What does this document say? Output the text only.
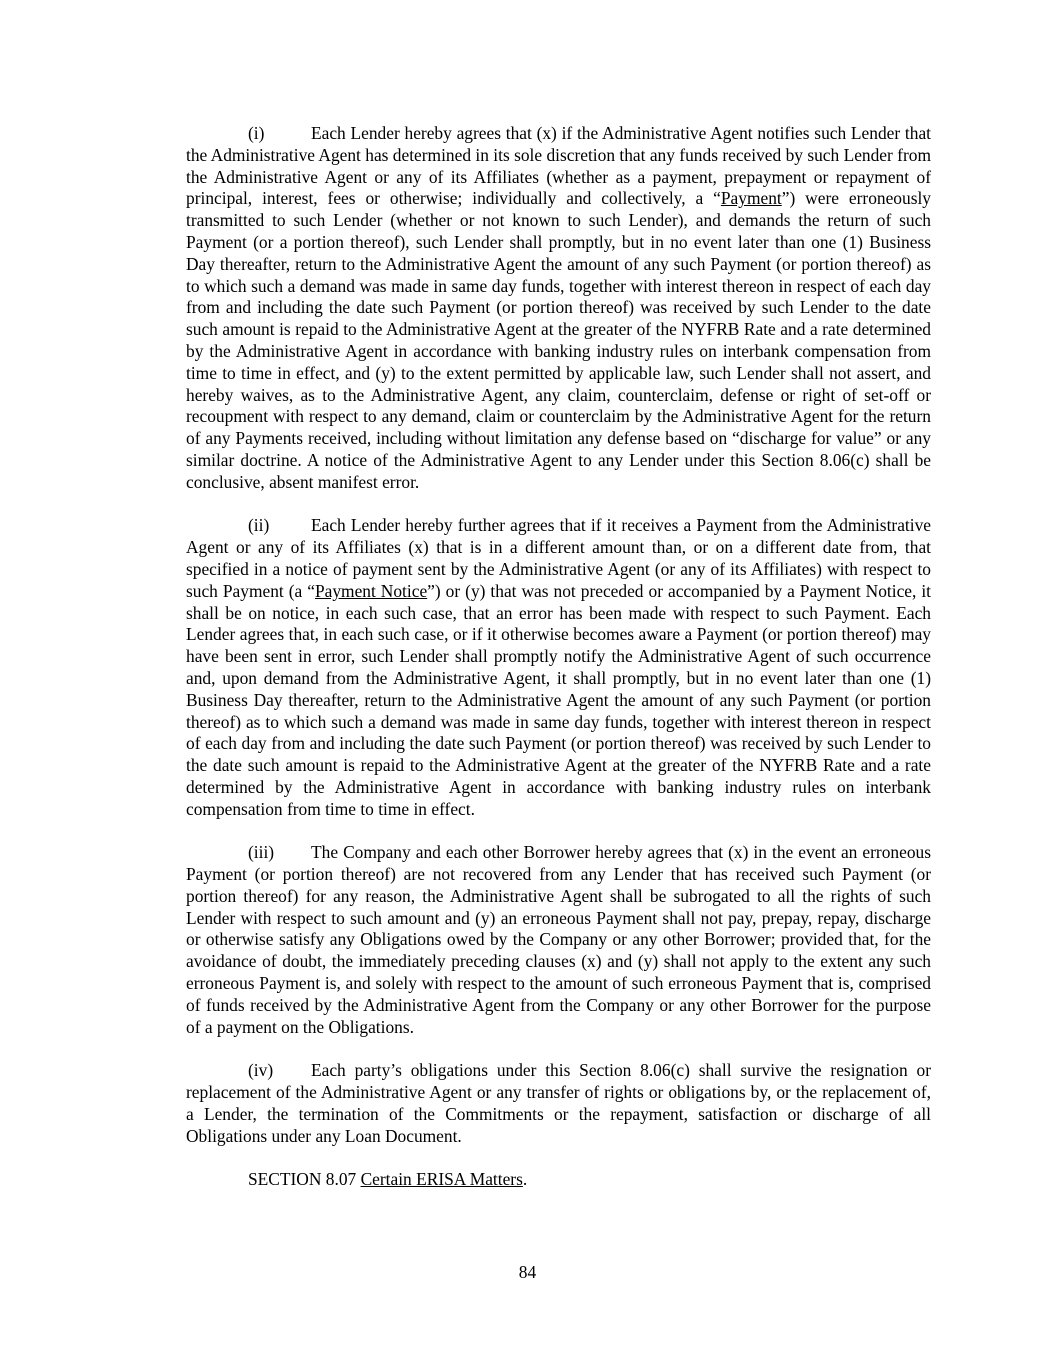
(i)	Each Lender hereby agrees that (x) if the Administrative Agent notifies such Lender that the Administrative Agent has determined in its sole discretion that any funds received by such Lender from the Administrative Agent or any of its Affiliates (whether as a payment, prepayment or repayment of principal, interest, fees or otherwise; individually and collectively, a “Payment”) were erroneously transmitted to such Lender (whether or not known to such Lender), and demands the return of such Payment (or a portion thereof), such Lender shall promptly, but in no event later than one (1) Business Day thereafter, return to the Administrative Agent the amount of any such Payment (or portion thereof) as to which such a demand was made in same day funds, together with interest thereon in respect of each day from and including the date such Payment (or portion thereof) was received by such Lender to the date such amount is repaid to the Administrative Agent at the greater of the NYFRB Rate and a rate determined by the Administrative Agent in accordance with banking industry rules on interbank compensation from time to time in effect, and (y) to the extent permitted by applicable law, such Lender shall not assert, and hereby waives, as to the Administrative Agent, any claim, counterclaim, defense or right of set-off or recoupment with respect to any demand, claim or counterclaim by the Administrative Agent for the return of any Payments received, including without limitation any defense based on “discharge for value” or any similar doctrine. A notice of the Administrative Agent to any Lender under this Section 8.06(c) shall be conclusive, absent manifest error.

(ii) Each Lender hereby further agrees that if it receives a Payment from the Administrative Agent or any of its Affiliates (x) that is in a different amount than, or on a different date from, that specified in a notice of payment sent by the Administrative Agent (or any of its Affiliates) with respect to such Payment (a “Payment Notice”) or (y) that was not preceded or accompanied by a Payment Notice, it shall be on notice, in each such case, that an error has been made with respect to such Payment. Each Lender agrees that, in each such case, or if it otherwise becomes aware a Payment (or portion thereof) may have been sent in error, such Lender shall promptly notify the Administrative Agent of such occurrence and, upon demand from the Administrative Agent, it shall promptly, but in no event later than one (1) Business Day thereafter, return to the Administrative Agent the amount of any such Payment (or portion thereof) as to which such a demand was made in same day funds, together with interest thereon in respect of each day from and including the date such Payment (or portion thereof) was received by such Lender to the date such amount is repaid to the Administrative Agent at the greater of the NYFRB Rate and a rate determined by the Administrative Agent in accordance with banking industry rules on interbank compensation from time to time in effect.

(iii) The Company and each other Borrower hereby agrees that (x) in the event an erroneous Payment (or portion thereof) are not recovered from any Lender that has received such Payment (or portion thereof) for any reason, the Administrative Agent shall be subrogated to all the rights of such Lender with respect to such amount and (y) an erroneous Payment shall not pay, prepay, repay, discharge or otherwise satisfy any Obligations owed by the Company or any other Borrower; provided that, for the avoidance of doubt, the immediately preceding clauses (x) and (y) shall not apply to the extent any such erroneous Payment is, and solely with respect to the amount of such erroneous Payment that is, comprised of funds received by the Administrative Agent from the Company or any other Borrower for the purpose of a payment on the Obligations.

(iv) Each party’s obligations under this Section 8.06(c) shall survive the resignation or replacement of the Administrative Agent or any transfer of rights or obligations by, or the replacement of, a Lender, the termination of the Commitments or the repayment, satisfaction or discharge of all Obligations under any Loan Document.

SECTION 8.07 Certain ERISA Matters.

84
